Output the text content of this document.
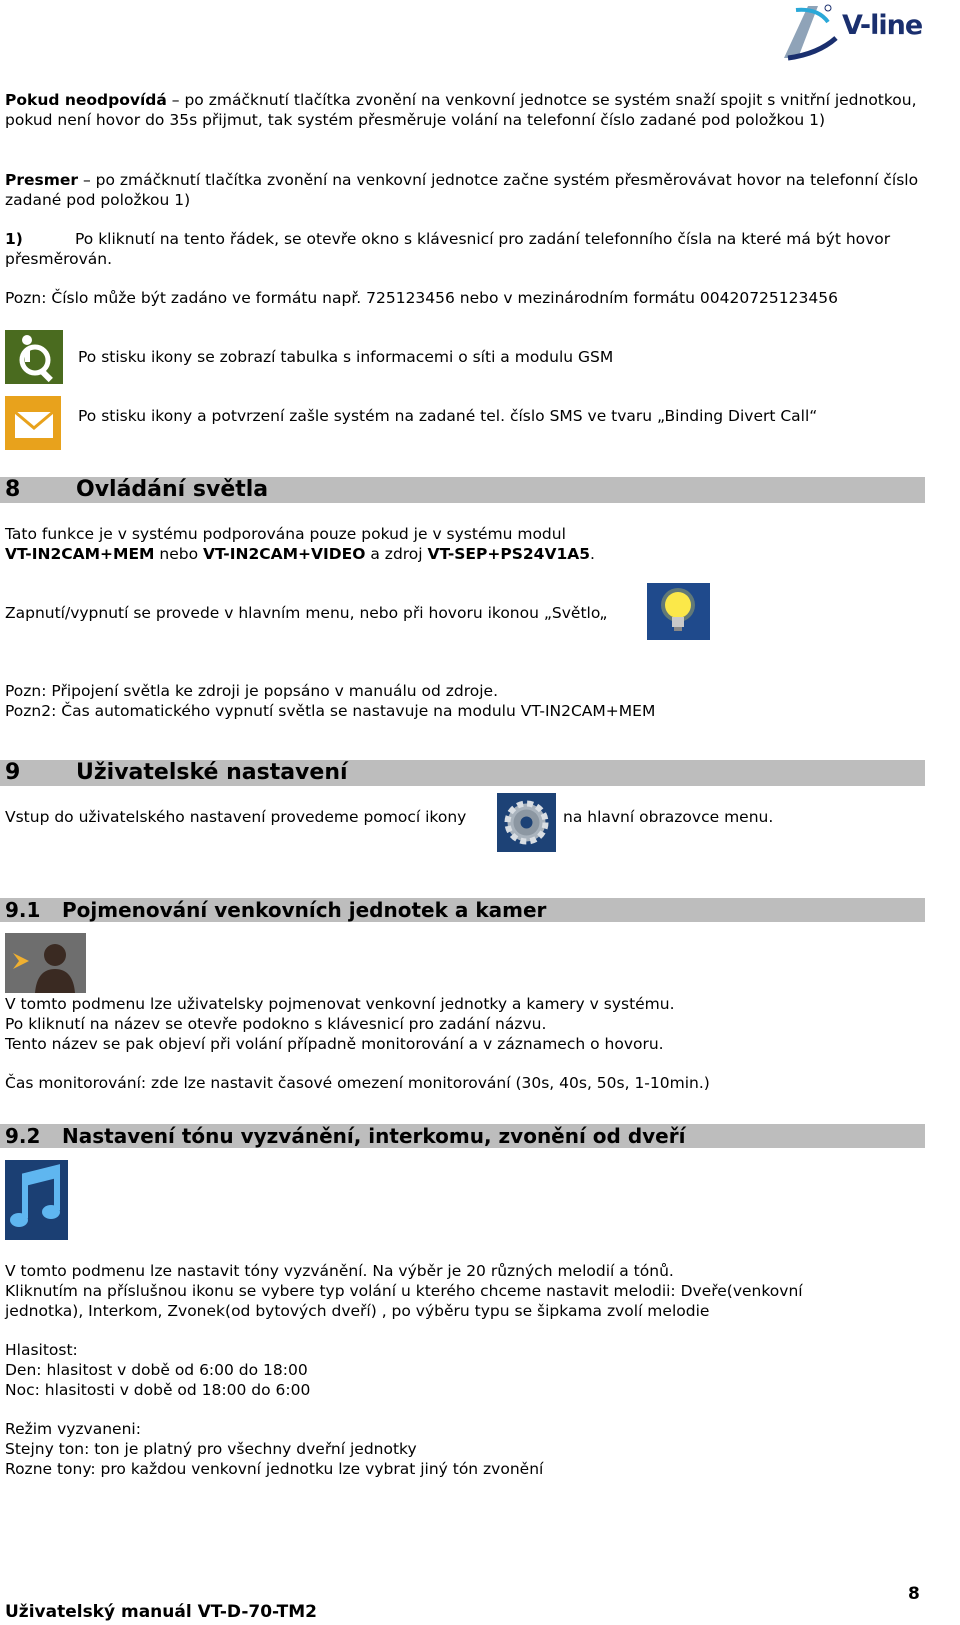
V-line

Pokud neodpovídá – po zmáčknutí tlačítka zvonění na venkovní jednotce se systém snaží spojit s vnitřní jednotkou, pokud není hovor do 35s přijmut, tak systém přesměruje volání na telefonní číslo zadané pod položkou 1)

Presmer – po zmáčknutí tlačítka zvonění na venkovní jednotce začne systém přesměrovávat hovor na telefonní číslo zadané pod položkou 1)

1)	Po kliknutí na tento řádek, se otevře okno s klávesnicí pro zadání telefonního čísla na které má být hovor přesměrován.

Pozn: Číslo může být zadáno ve formátu např. 725123456 nebo v mezinárodním formátu 00420725123456

Po stisku ikony se zobrazí tabulka s informacemi o síti a modulu GSM

Po stisku ikony a potvrzení zašle systém na zadané tel. číslo SMS ve tvaru „Binding Divert Call“

8	Ovládání světla

Tato funkce je v systému podporována pouze pokud je v systému modul
VT-IN2CAM+MEM nebo VT-IN2CAM+VIDEO a zdroj VT-SEP+PS24V1A5.

Zapnutí/vypnutí se provede v hlavním menu, nebo při hovoru ikonou „Světlo„

Pozn: Připojení světla ke zdroji je popsáno v manuálu od zdroje.
Pozn2: Čas automatického vypnutí světla se nastavuje na modulu VT-IN2CAM+MEM

9	Uživatelské nastavení

Vstup do uživatelského nastavení provedeme pomocí ikony	na hlavní obrazovce menu.

9.1 Pojmenování venkovních jednotek a kamer

V tomto podmenu lze uživatelsky pojmenovat venkovní jednotky a kamery v systému.
Po kliknutí na název se otevře podokno s klávesnicí pro zadání názvu.
Tento název se pak objeví při volání případně monitorování a v záznamech o hovoru.

Čas monitorování: zde lze nastavit časové omezení monitorování (30s, 40s, 50s, 1-10min.)

9.2 Nastavení tónu vyzvánění, interkomu, zvonění od dveří

V tomto podmenu lze nastavit tóny vyzvánění. Na výběr je 20 různých melodií a tónů.
Kliknutím na příslušnou ikonu se vybere typ volání u kterého chceme nastavit melodii: Dveře(venkovní jednotka), Interkom, Zvonek(od bytových dveří) , po výběru typu se šipkama zvolí melodie

Hlasitost:
Den: hlasitost v době od 6:00 do 18:00
Noc: hlasitosti v době od 18:00 do 6:00

Režim vyzvaneni:
Stejny ton: ton je platný pro všechny dveřní jednotky
Rozne tony: pro každou venkovní jednotku lze vybrat jiný tón zvonění

8
Uživatelský manuál VT-D-70-TM2
